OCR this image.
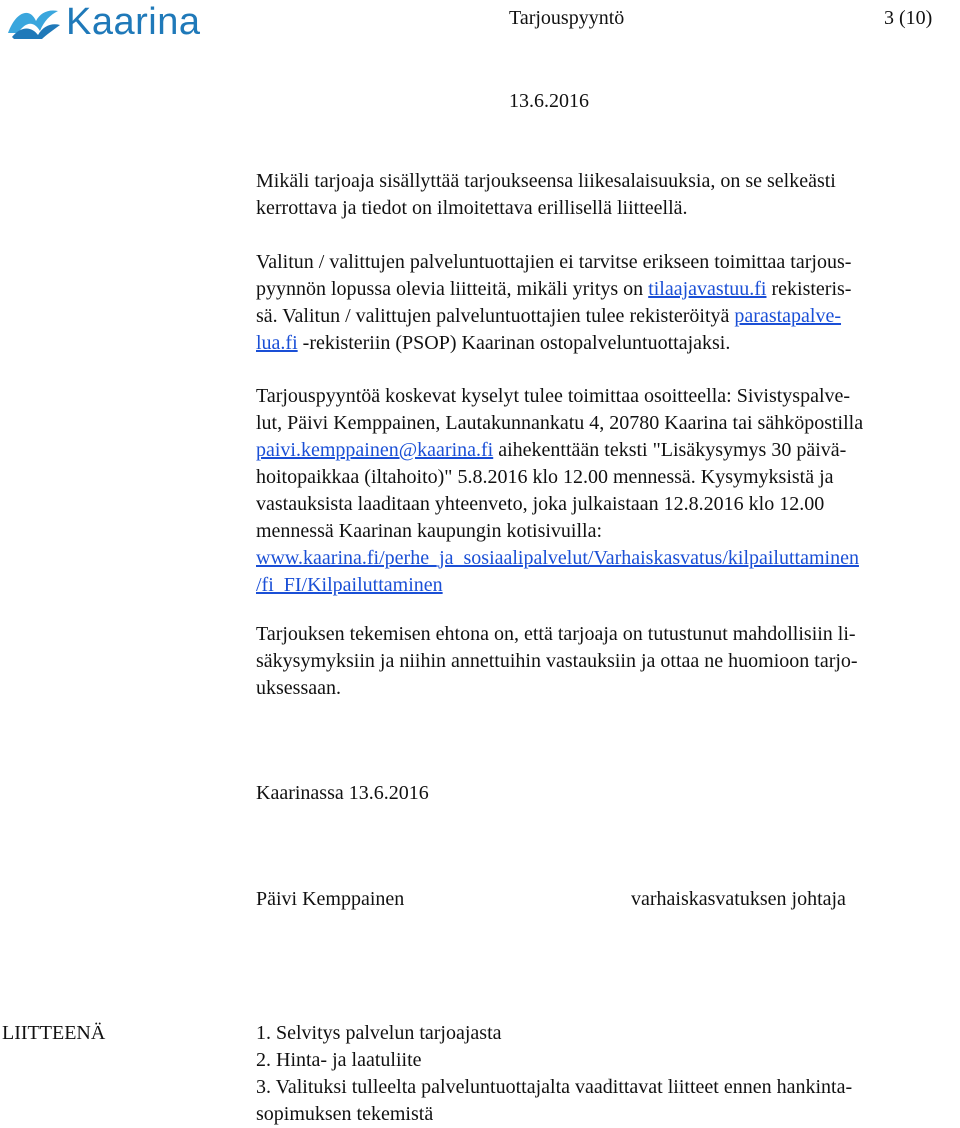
Kaarina	Tarjouspyyntö	3 (10)
13.6.2016
Mikäli tarjoaja sisällyttää tarjoukseensa liikesalaisuuksia, on se selkeästi
kerrottava ja tiedot on ilmoitettava erillisellä liitteellä.
Valitun / valittujen palveluntuottajien ei tarvitse erikseen toimittaa tarjous-
pyynnön lopussa olevia liitteitä, mikäli yritys on tilaajavastuu.fi rekisteris-
sä. Valitun / valittujen palveluntuottajien tulee rekisteröityä parastapalve-
lua.fi -rekisteriin (PSOP) Kaarinan ostopalveluntuottajaksi.
Tarjouspyyntöä koskevat kyselyt tulee toimittaa osoitteella: Sivistyspalve-
lut, Päivi Kemppainen, Lautakunnankatu 4, 20780 Kaarina tai sähköpostilla
paivi.kemppainen@kaarina.fi aihekenttään teksti "Lisäkysymys 30 päivä-
hoitopaikkaa (iltahoito)" 5.8.2016 klo 12.00 mennessä. Kysymyksistä ja
vastauksista laaditaan yhteenveto, joka julkaistaan 12.8.2016 klo 12.00
mennessä Kaarinan kaupungin kotisivuilla:
www.kaarina.fi/perhe_ja_sosiaalipalvelut/Varhaiskasvatus/kilpailuttaminen
/fi_FI/Kilpailuttaminen
Tarjouksen tekemisen ehtona on, että tarjoaja on tutustunut mahdollisiin li-
säkysymyksiin ja niihin annettuihin vastauksiin ja ottaa ne huomioon tarjo-
uksessaan.
Kaarinassa 13.6.2016
Päivi Kemppainen	varhaiskasvatuksen johtaja
LIITTEENÄ	1. Selvitys palvelun tarjoajasta
2. Hinta- ja laatuliite
3. Valituksi tulleelta palveluntuottajalta vaadittavat liitteet ennen hankinta-
sopimuksen tekemistä
